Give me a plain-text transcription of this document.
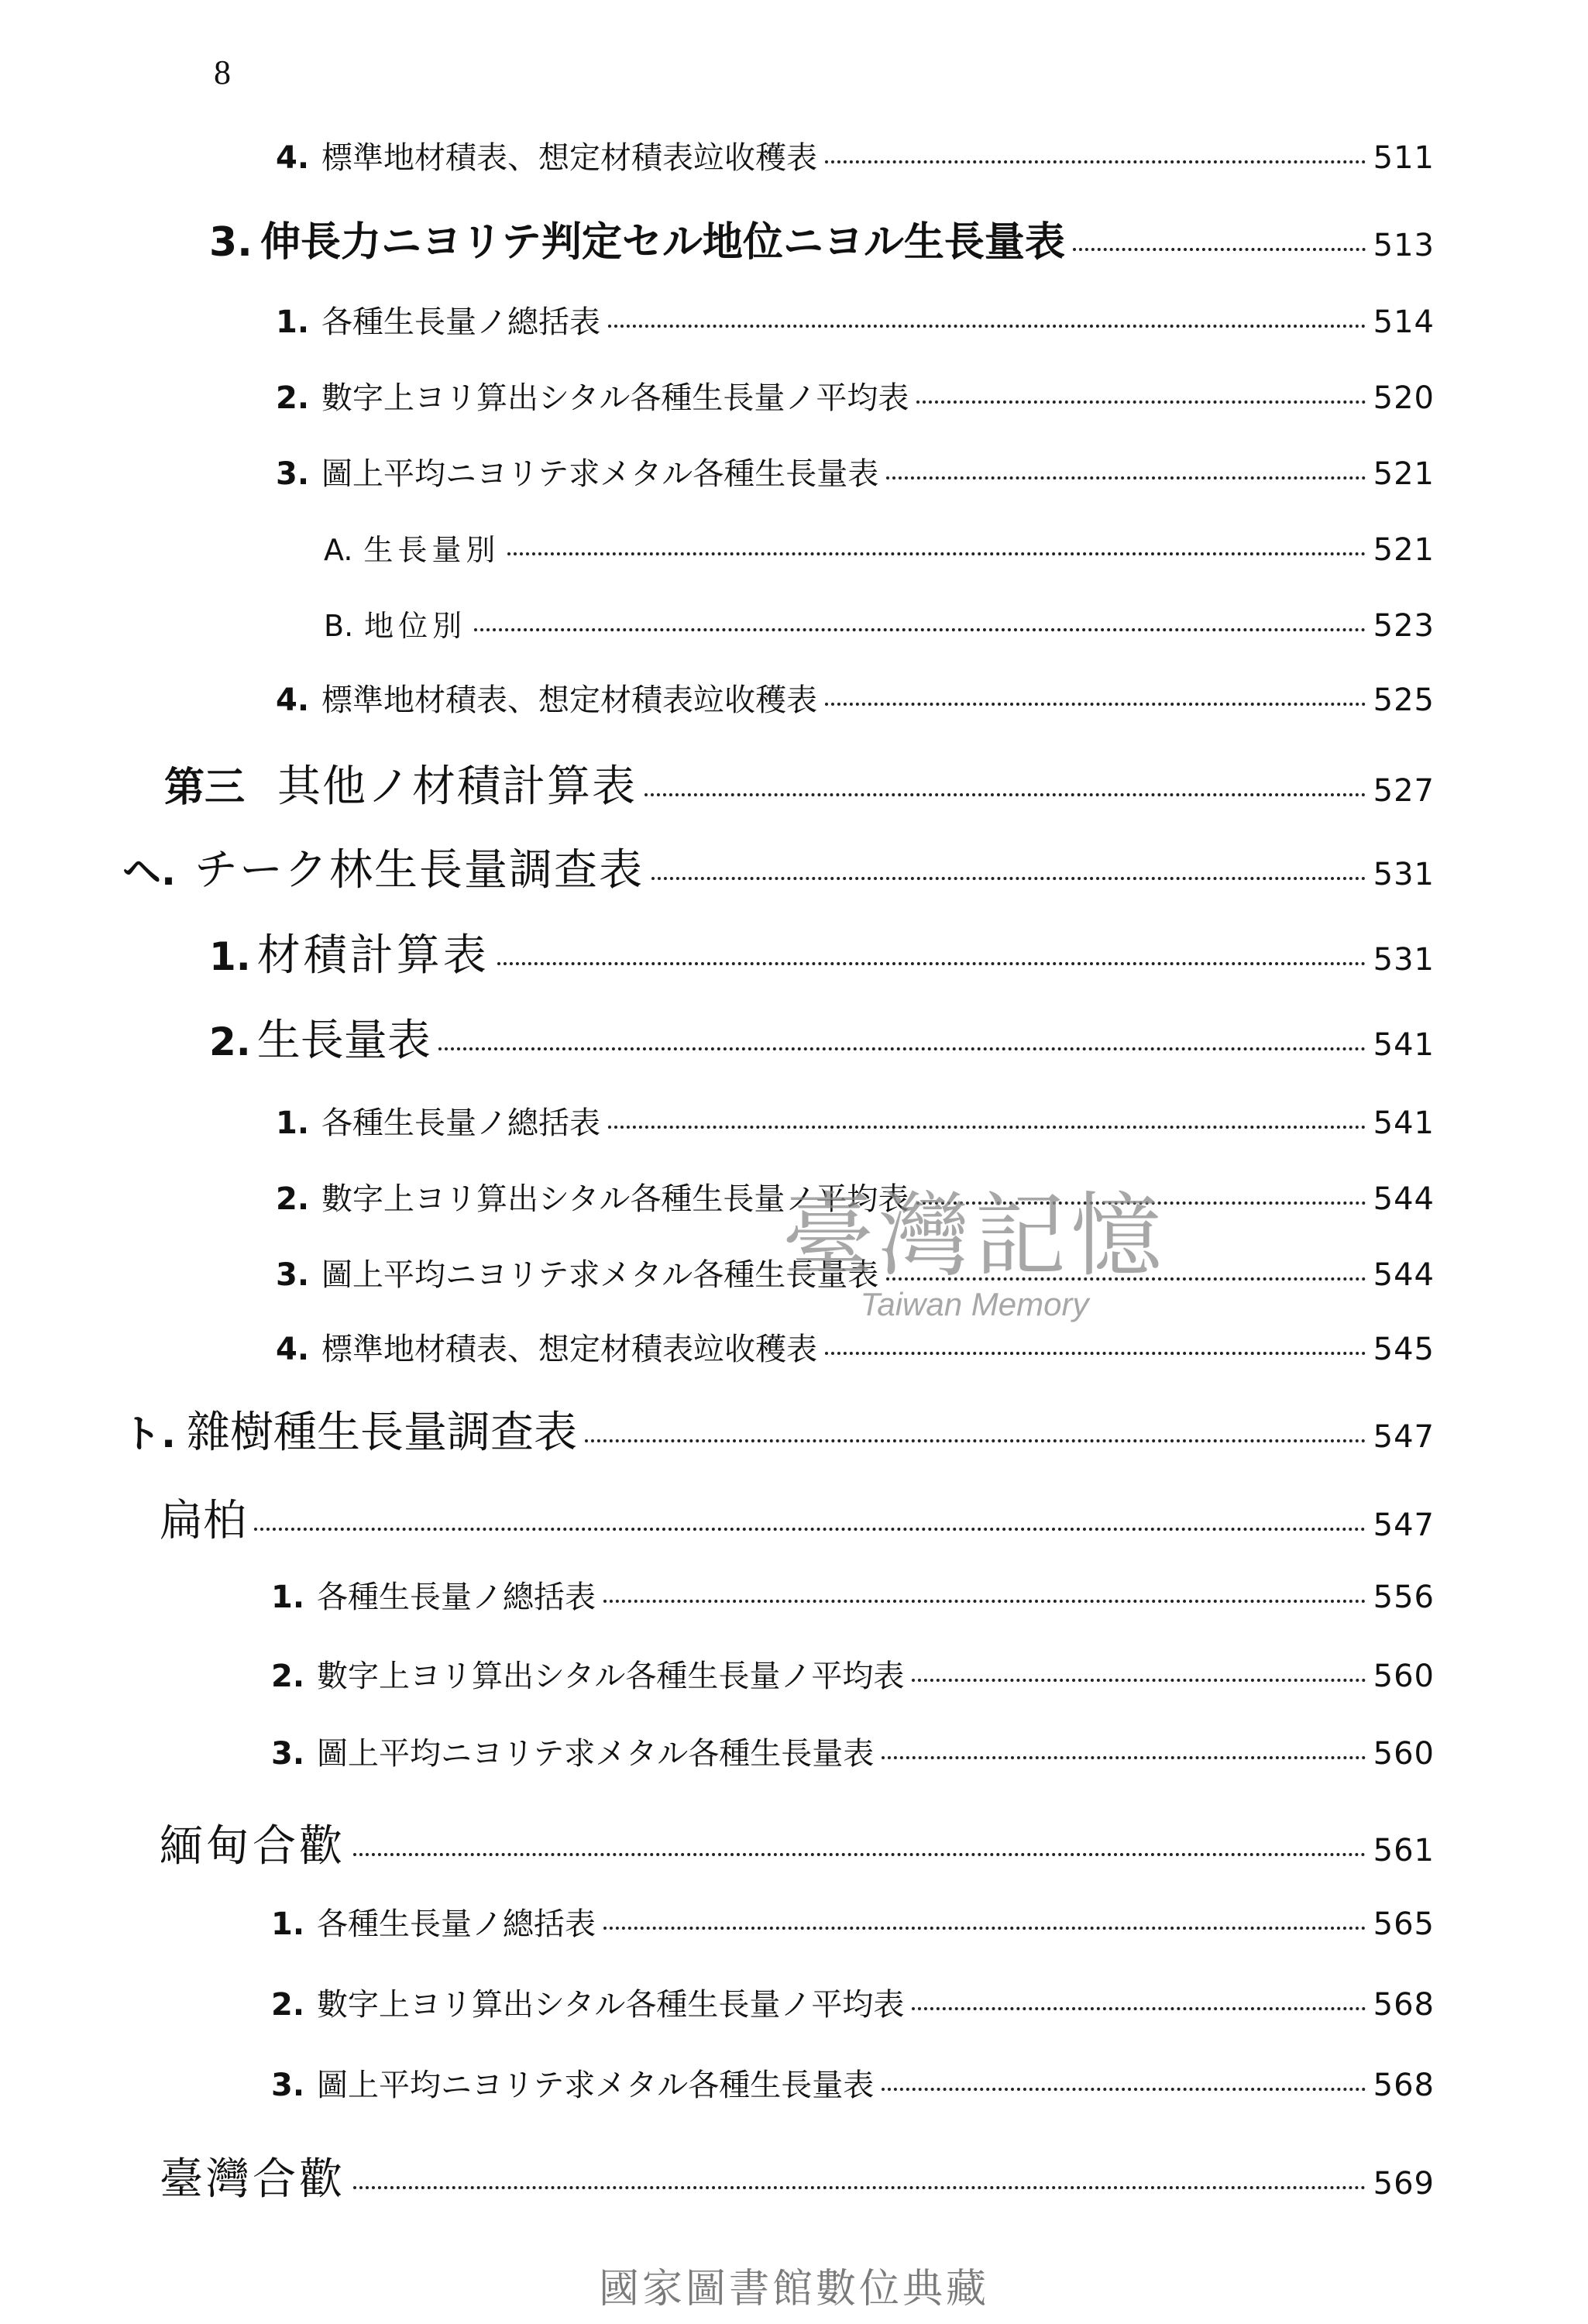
8
4. 標準地材積表、想定材積表竝收穫表	511
3. 伸長力ニヨリテ判定セル地位ニヨル生長量表	513
1. 各種生長量ノ總括表	514
2. 數字上ヨリ算出シタル各種生長量ノ平均表	520
3. 圖上平均ニヨリテ求メタル各種生長量表	521
A. 生長量別	521
B. 地位別	523
4. 標準地材積表、想定材積表竝收穫表	525
第三 其他ノ材積計算表	527
ヘ. チーク林生長量調查表	531
1. 材積計算表	531
2. 生長量表	541
1. 各種生長量ノ總括表	541
2. 數字上ヨリ算出シタル各種生長量ノ平均表	544
3. 圖上平均ニヨリテ求メタル各種生長量表	544
4. 標準地材積表、想定材積表竝收穫表	545
ト. 雜樹種生長量調查表	547
扁柏	547
1. 各種生長量ノ總括表	556
2. 數字上ヨリ算出シタル各種生長量ノ平均表	560
3. 圖上平均ニヨリテ求メタル各種生長量表	560
緬甸合歡	561
1. 各種生長量ノ總括表	565
2. 數字上ヨリ算出シタル各種生長量ノ平均表	568
3. 圖上平均ニヨリテ求メタル各種生長量表	568
臺灣合歡	569
臺灣記憶
Taiwan Memory
國家圖書館數位典藏
